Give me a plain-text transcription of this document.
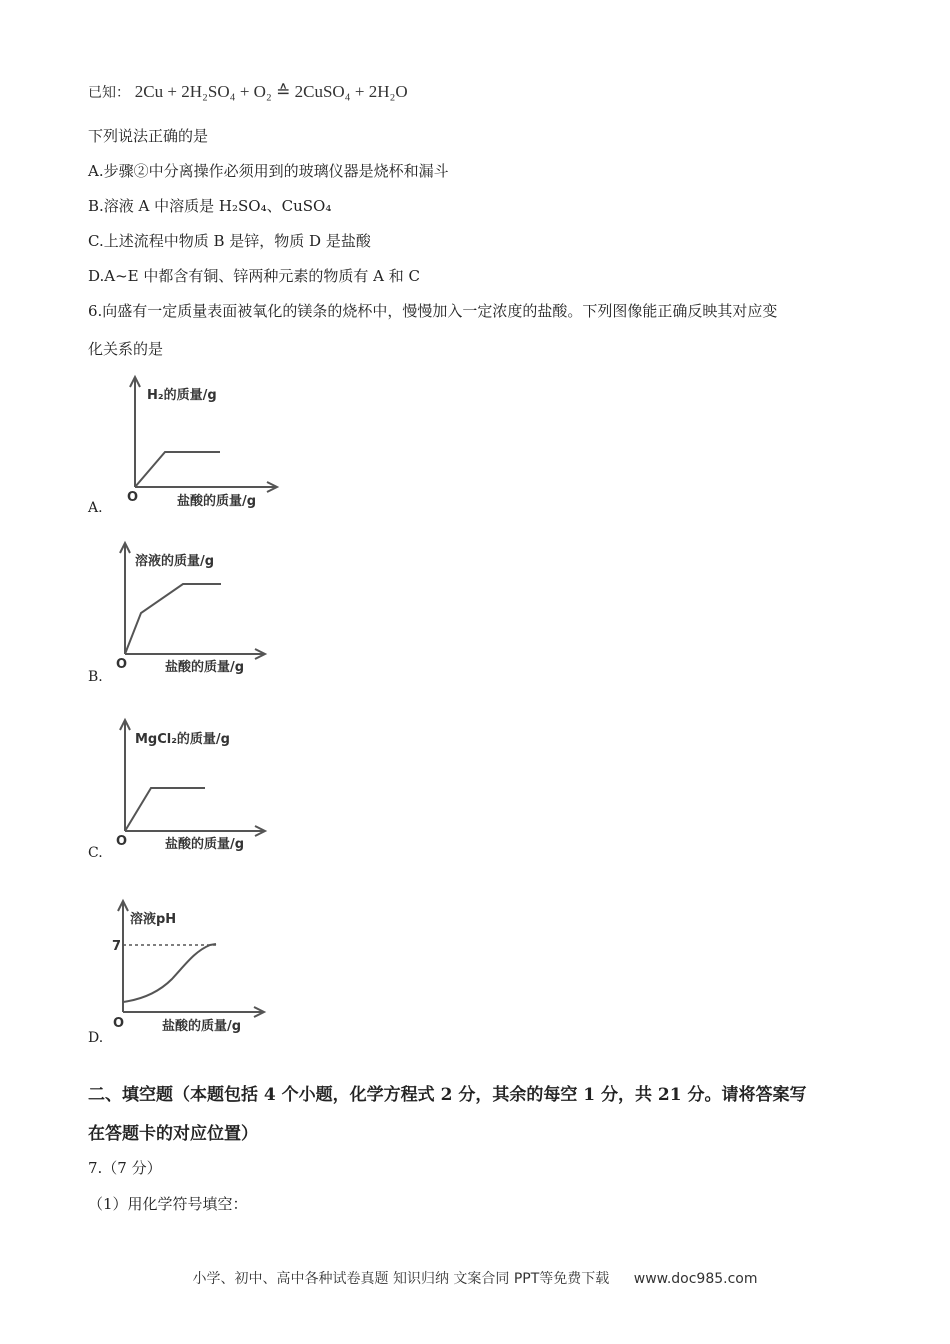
已知： 2Cu + 2H₂SO₄ + O₂ ≙ 2CuSO₄ + 2H₂O
下列说法正确的是
A.步骤②中分离操作必须用到的玻璃仪器是烧杯和漏斗
B.溶液 A 中溶质是 H₂SO₄、CuSO₄
C.上述流程中物质 B 是锌，物质 D 是盐酸
D.A~E 中都含有铜、锌两种元素的物质有 A 和 C
6.向盛有一定质量表面被氧化的镁条的烧杯中，慢慢加入一定浓度的盐酸。下列图像能正确反映其对应变
化关系的是
A.
H₂的质量/g
O	盐酸的质量/g
B.
溶液的质量/g
O	盐酸的质量/g
C.
MgCl₂的质量/g
O	盐酸的质量/g
D.
溶液pH
7
O	盐酸的质量/g
二、填空题（本题包括 4 个小题，化学方程式 2 分，其余的每空 1 分，共 21 分。请将答案写
在答题卡的对应位置）
7.（7 分）
（1）用化学符号填空：
小学、初中、高中各种试卷真题 知识归纳 文案合同 PPT等免费下载 www.doc985.com
